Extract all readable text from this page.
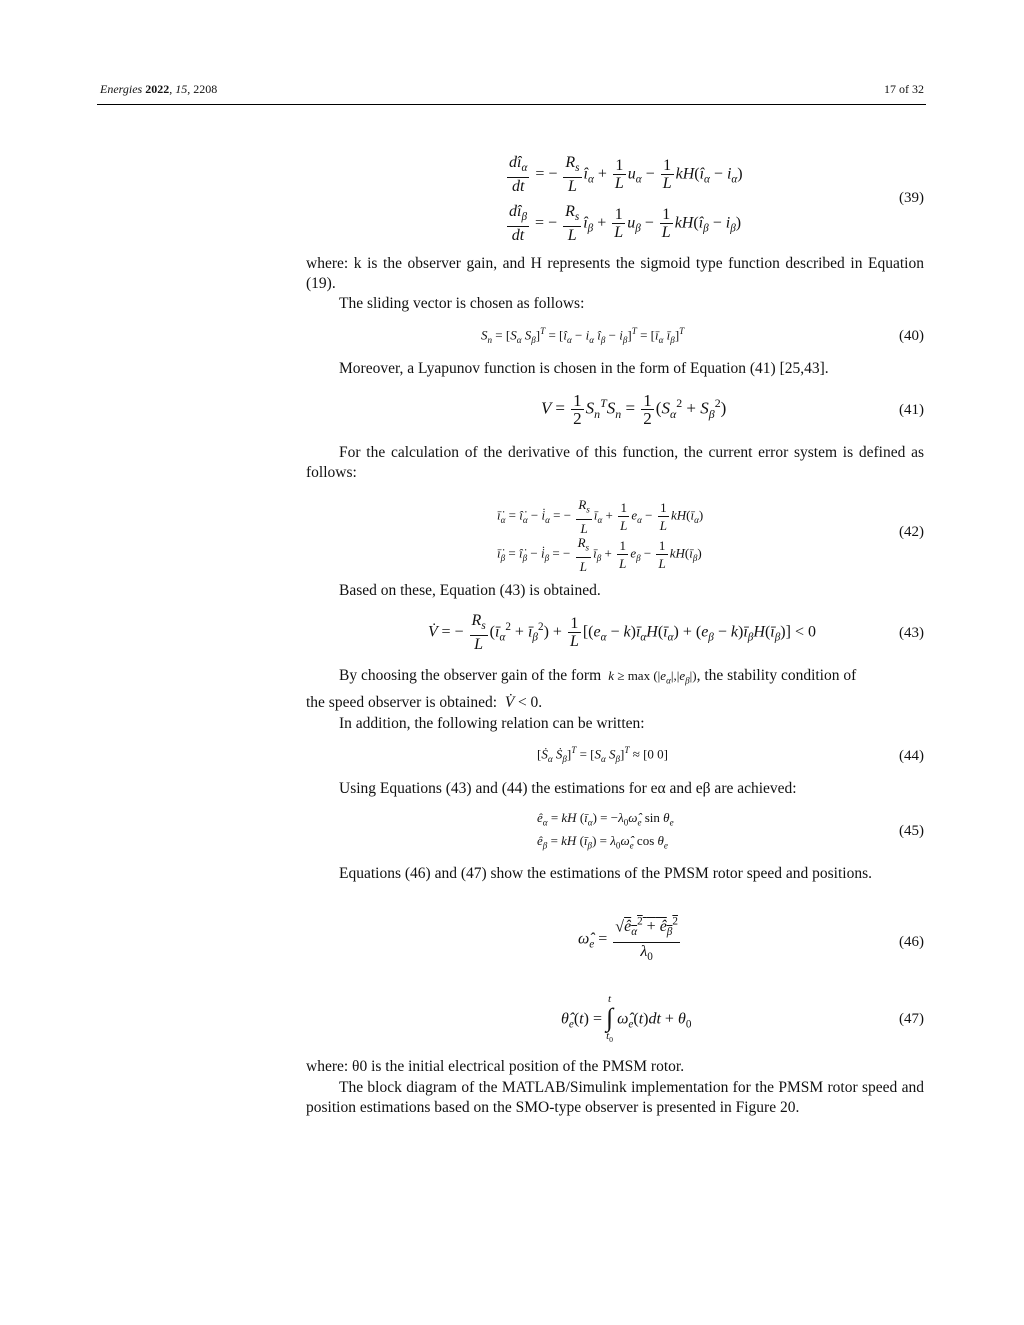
Energies 2022, 15, 2208	17 of 32
$\frac{dî_\alpha}{dt}$ = − $\frac{R_s}{L}$ $î_\alpha + \frac{1}{L} u_\alpha - \frac{1}{L}$ $kH(î_\alpha - i_\alpha)$
$\frac{dî_\beta}{dt}$ = − $\frac{R_s}{L}$ $î_\beta + \frac{1}{L} u_\beta - \frac{1}{L}$ $kH(î_\beta - i_\beta)$
(39)
where: k is the observer gain, and H represents the sigmoid type function described in Equation (19).
The sliding vector is chosen as follows:
$S_n = [S_\alpha$ $S_\beta]^T$ = [$î_\alpha - i_\alpha$ $î_\beta - i_\beta]^T$ = [$ī_\alpha$ $ī_\beta]^T$	(40)
Moreover, a Lyapunov function is chosen in the form of Equation (41) [25,43].
$V = \frac{1}{2} S_n^TS_n = \frac{1}{2} (S_\alpha^2 + S_\beta^2)$	(41)
For the calculation of the derivative of this function, the current error system is defined as follows:
$ī̇_\alpha$ = $î̇_\alpha$ − $i̇_\alpha$ = − $\frac{R_s}{L}$ $ī_\alpha + \frac{1}{L} e_\alpha - \frac{1}{L}$ $kH(ī_\alpha)$
$ī̇_\beta$ = $î̇_\beta$ − $i̇_\beta$ = − $\frac{R_s}{L}$ $ī_\beta + \frac{1}{L} e_\beta - \frac{1}{L}$ $kH(ī_\beta)$
(42)
Based on these, Equation (43) is obtained.
V̇ = − $\frac{R_s}{L}$ ($ī_\alpha^2$ + $ī_\beta^2) + \frac{1}{L} [(e_\alpha$ − $k)ī_\alpha H(ī_\alpha) + (e_\beta$ − $k)ī_\beta H(ī_\beta)] < 0$	(43)
By choosing the observer gain of the form  $k \ge \max (|e_\alpha|,|e_\beta|)$, the stability condition of
the speed observer is obtained:  V̇ < 0.
In addition, the following relation can be written:
[Ṡ$_\alpha$ Ṡ$_\beta$]$^T$ = [$S_\alpha$ $S_\beta]^T \approx [0$ 0]	(44)
Using Equations (43) and (44) the estimations for eα and eβ are achieved:
$ê_\alpha$ = kH $(ī_\alpha)$ = $-\lambda_0\omegâ_e$ $\sin \theta_e$
$ê_\beta$ = kH $(ī_\beta)$ = $\lambda_0\omegâ_e$ $\cos \theta_e$
(45)
Equations (46) and (47) show the estimations of the PMSM rotor speed and positions.
$\omegâ_e = \frac{√ê_\alpha^2 + ê_\beta^2}{\lambda_0}$	(46)
$\thetâ_e(t)$ =
t
∫
$t_0$
$\omegâ_e(t)dt + \theta_0$	(47)
where: θ0 is the initial electrical position of the PMSM rotor.
The block diagram of the MATLAB/Simulink implementation for the PMSM rotor speed and position estimations based on the SMO-type observer is presented in Figure 20.
